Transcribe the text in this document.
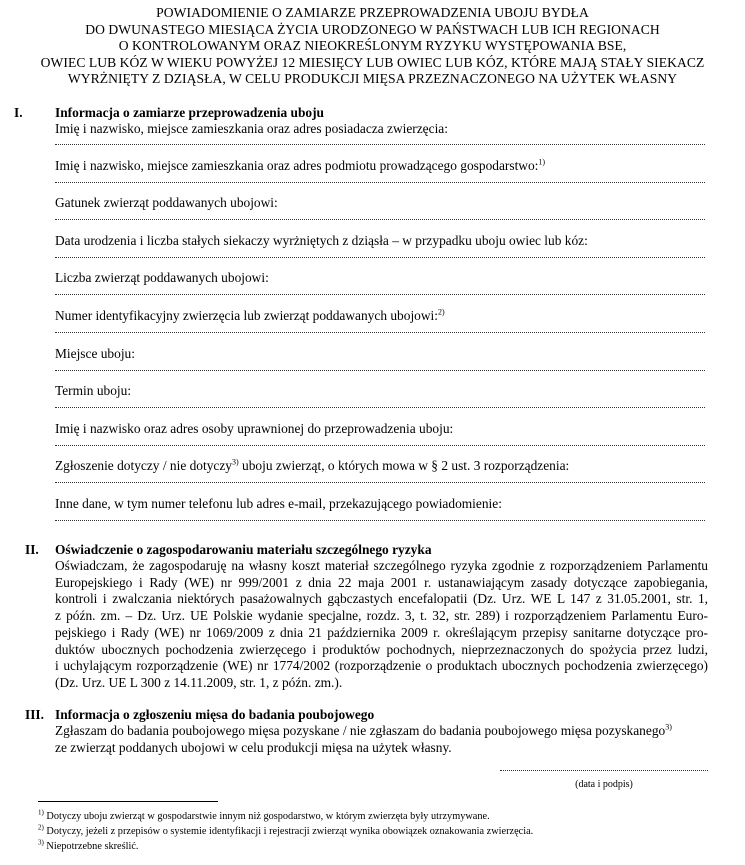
POWIADOMIENIE O ZAMIARZE PRZEPROWADZENIA UBOJU BYDŁA
DO DWUNASTEGO MIESIĄCA ŻYCIA URODZONEGO W PAŃSTWACH LUB ICH REGIONACH
O KONTROLOWANYM ORAZ NIEOKREŚLONYM RYZYKU WYSTĘPOWANIA BSE,
OWIEC LUB KÓZ W WIEKU POWYŻEJ 12 MIESIĘCY LUB OWIEC LUB KÓZ, KTÓRE MAJĄ STAŁY SIEKACZ
WYRŻNIĘTY Z DZIĄSŁA, W CELU PRODUKCJI MIĘSA PRZEZNACZONEGO NA UŻYTEK WŁASNY
I. Informacja o zamiarze przeprowadzenia uboju
Imię i nazwisko, miejsce zamieszkania oraz adres posiadacza zwierzęcia:
Imię i nazwisko, miejsce zamieszkania oraz adres podmiotu prowadzącego gospodarstwo:$^{1)}$
Gatunek zwierząt poddawanych ubojowi:
Data urodzenia i liczba stałych siekaczy wyrżniętych z dziąsła – w przypadku uboju owiec lub kóz:
Liczba zwierząt poddawanych ubojowi:
Numer identyfikacyjny zwierzęcia lub zwierząt poddawanych ubojowi:$^{2)}$
Miejsce uboju:
Termin uboju:
Imię i nazwisko oraz adres osoby uprawnionej do przeprowadzenia uboju:
Zgłoszenie dotyczy / nie dotyczy$^{3)}$ uboju zwierząt, o których mowa w § 2 ust. 3 rozporządzenia:
Inne dane, w tym numer telefonu lub adres e-mail, przekazującego powiadomienie:
II. Oświadczenie o zagospodarowaniu materiału szczególnego ryzyka
Oświadczam, że zagospodaruję na własny koszt materiał szczególnego ryzyka zgodnie z rozporządzeniem Parlamentu
Europejskiego i Rady (WE) nr 999/2001 z dnia 22 maja 2001 r. ustanawiającym zasady dotyczące zapobiegania,
kontroli i zwalczania niektórych pasażowalnych gąbczastych encefalopatii (Dz. Urz. WE L 147 z 31.05.2001, str. 1,
z późn. zm. – Dz. Urz. UE Polskie wydanie specjalne, rozdz. 3, t. 32, str. 289) i rozporządzeniem Parlamentu Euro-
pejskiego i Rady (WE) nr 1069/2009 z dnia 21 października 2009 r. określającym przepisy sanitarne dotyczące pro-
duktów ubocznych pochodzenia zwierzęcego i produktów pochodnych, nieprzeznaczonych do spożycia przez ludzi,
i uchylającym rozporządzenie (WE) nr 1774/2002 (rozporządzenie o produktach ubocznych pochodzenia zwierzęcego)
(Dz. Urz. UE L 300 z 14.11.2009, str. 1, z późn. zm.).
III. Informacja o zgłoszeniu mięsa do badania poubojowego
Zgłaszam do badania poubojowego mięsa pozyskane / nie zgłaszam do badania poubojowego mięsa pozyskanego$^{3)}$
ze zwierząt poddanych ubojowi w celu produkcji mięsa na użytek własny.
(data i podpis)
$^{1)}$ Dotyczy uboju zwierząt w gospodarstwie innym niż gospodarstwo, w którym zwierzęta były utrzymywane.
$^{2)}$ Dotyczy, jeżeli z przepisów o systemie identyfikacji i rejestracji zwierząt wynika obowiązek oznakowania zwierzęcia.
$^{3)}$ Niepotrzebne skreślić.
